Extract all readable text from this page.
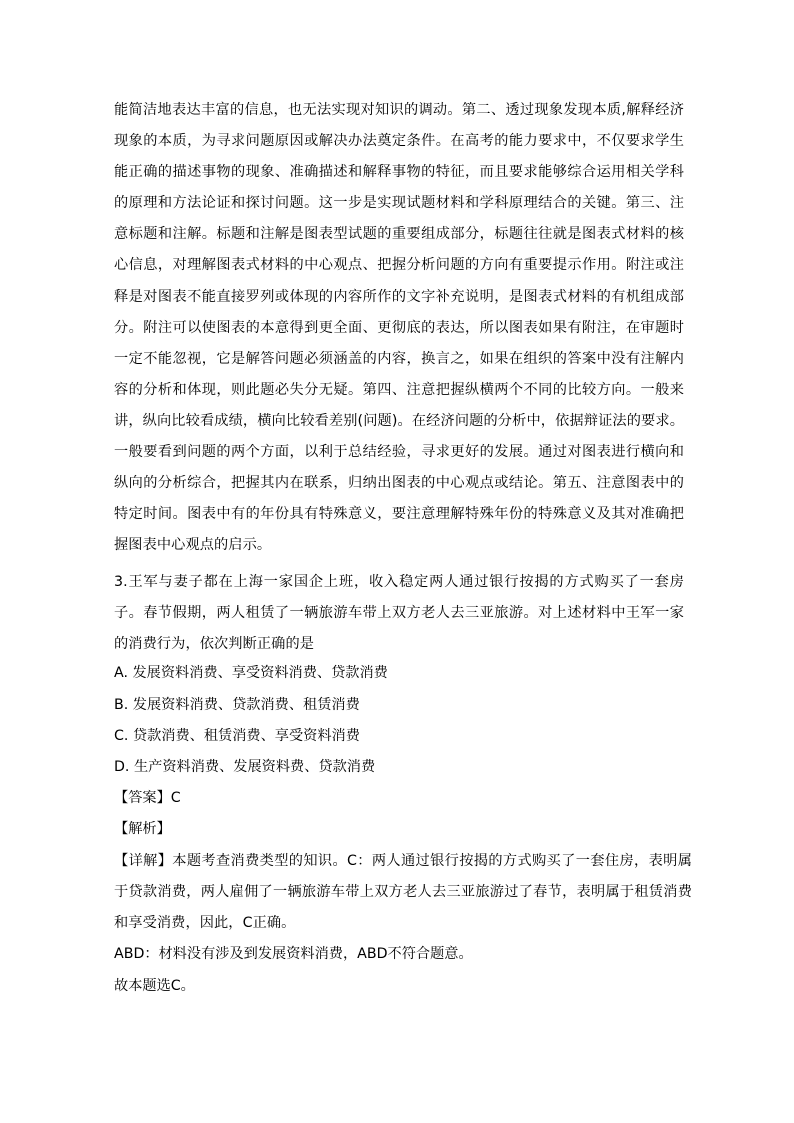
能简洁地表达丰富的信息，也无法实现对知识的调动。第二、透过现象发现本质,解释经济现象的本质，为寻求问题原因或解决办法奠定条件。在高考的能力要求中，不仅要求学生能正确的描述事物的现象、准确描述和解释事物的特征，而且要求能够综合运用相关学科的原理和方法论证和探讨问题。这一步是实现试题材料和学科原理结合的关键。第三、注意标题和注解。标题和注解是图表型试题的重要组成部分，标题往往就是图表式材料的核心信息，对理解图表式材料的中心观点、把握分析问题的方向有重要提示作用。附注或注释是对图表不能直接罗列或体现的内容所作的文字补充说明，是图表式材料的有机组成部分。附注可以使图表的本意得到更全面、更彻底的表达，所以图表如果有附注，在审题时一定不能忽视，它是解答问题必须涵盖的内容，换言之，如果在组织的答案中没有注解内容的分析和体现，则此题必失分无疑。第四、注意把握纵横两个不同的比较方向。一般来讲，纵向比较看成绩，横向比较看差别(问题)。在经济问题的分析中，依据辩证法的要求。一般要看到问题的两个方面，以利于总结经验，寻求更好的发展。通过对图表进行横向和纵向的分析综合，把握其内在联系，归纳出图表的中心观点或结论。第五、注意图表中的特定时间。图表中有的年份具有特殊意义，要注意理解特殊年份的特殊意义及其对准确把握图表中心观点的启示。
3.王军与妻子都在上海一家国企上班，收入稳定两人通过银行按揭的方式购买了一套房子。春节假期，两人租赁了一辆旅游车带上双方老人去三亚旅游。对上述材料中王军一家的消费行为，依次判断正确的是
A. 发展资料消费、享受资料消费、贷款消费
B. 发展资料消费、贷款消费、租赁消费
C. 贷款消费、租赁消费、享受资料消费
D. 生产资料消费、发展资料费、贷款消费
【答案】C
【解析】
【详解】本题考查消费类型的知识。C：两人通过银行按揭的方式购买了一套住房，表明属于贷款消费，两人雇佣了一辆旅游车带上双方老人去三亚旅游过了春节，表明属于租赁消费和享受消费，因此，C正确。
ABD：材料没有涉及到发展资料消费，ABD不符合题意。
故本题选C。
